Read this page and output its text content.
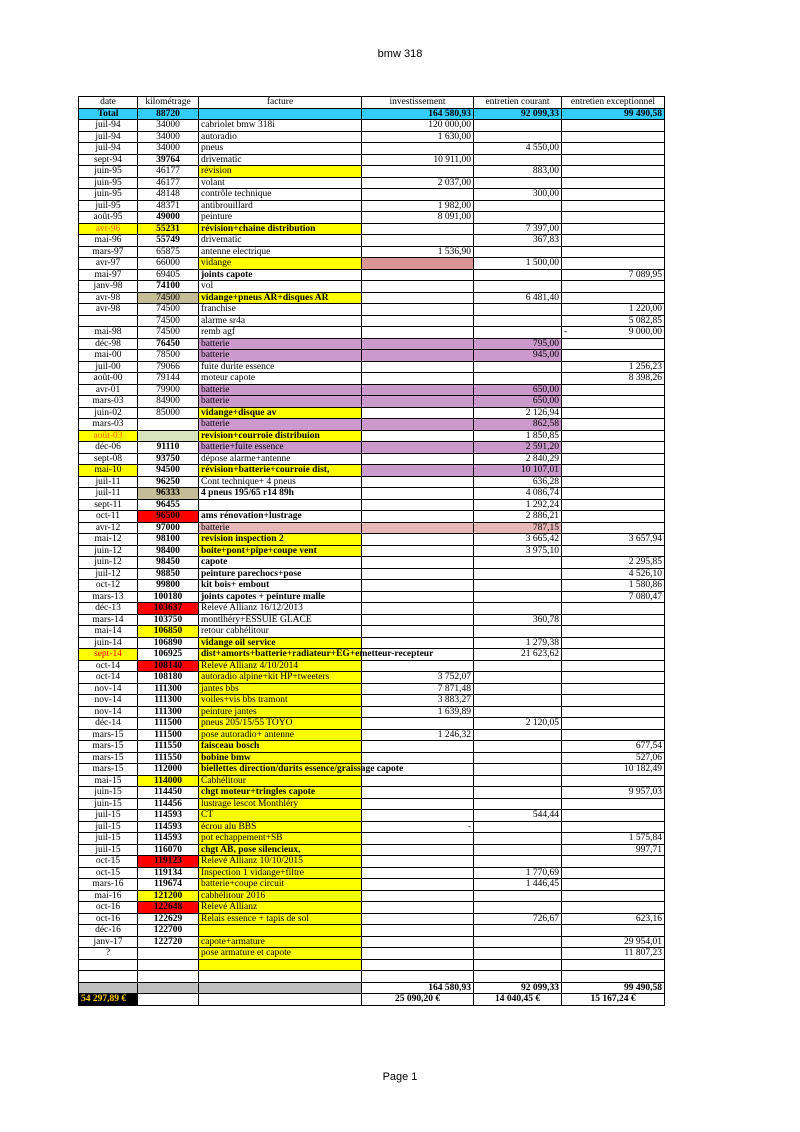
bmw 318
date	kilométrage	facture	investissement	entretien courant	entretien exceptionnel
Total	88720		164 580,93	92 099,33	99 490,58
juil-94	34000	cabriolet bmw 318i	120 000,00		
juil-94	34000	autoradio	1 630,00		
juil-94	34000	pneus		4 550,00	
sept-94	39764	drivematic	10 911,00		
juin-95	46177	révision		883,00	
juin-95	46177	volant	2 037,00		
juin-95	48148	contrôle technique		300,00	
juil-95	48371	antibrouillard	1 982,00		
août-95	49000	peinture	8 091,00		
avr-96	55231	révision+chaine distribution		7 397,00	
mai-96	55749	drivematic		367,83	
mars-97	65875	antenne electrique	1 536,90		
avr-97	66000	vidange		1 500,00	
mai-97	69405	joints capote			7 089,95
janv-98	74100	vol			
avr-98	74500	vidange+pneus AR+disques AR		6 481,40	
avr-98	74500	franchise			1 220,00
	74500	alarme sr4a			5 082,85
mai-98	74500	remb agf			- 9 000,00
déc-98	76450	batterie		795,00	
mai-00	78500	batterie		945,00	
juil-00	79066	fuite durite essence			1 256,23
août-00	79144	moteur capote			8 398,26
avr-01	79900	batterie		650,00	
mars-03	84900	batterie		650,00	
juin-02	85000	vidange+disque av		2 126,94	
mars-03		batterie		862,58	
août-03		revision+courroie distribuion		1 850,85	
déc-06	91110	batterie+fuite essence		2 591,20	
sept-08	93750	dépose alarme+antenne		2 840,29	
mai-10	94500	révision+batterie+courroie dist,		10 107,01	
juil-11	96250	Cont technique+ 4 pneus		636,28	
juil-11	96333	4 pneus 195/65 r14 89h		4 086,74	
sept-11	96455			1 292,24	
oct-11	96500	ams rénovation+lustrage		2 886,21	
avr-12	97000	batterie		787,15	
mai-12	98100	revision inspection 2		3 665,42	3 657,94
juin-12	98400	boite+pont+pipe+coupe vent		3 975,10	
juin-12	98450	capote			2 295,85
juil-12	98850	peinture parechocs+pose			4 526,10
oct-12	99800	kit bois+ embout			1 580,86
mars-13	100180	joints capotes + peinture malle			7 080,47
déc-13	103637	Relevé Allianz 16/12/2013			
mars-14	103750	montlhéry+ESSUIE GLACE		360,78	
mai-14	106850	retour cabhélitour			
juin-14	106890	vidange oil service		1 279,38	
sept-14	106925	dist+amorts+batterie+radiateur+EG+emetteur-recepteur		21 623,62	
oct-14	108140	Relevé Allianz 4/10/2014			
oct-14	108180	autoradio alpine+kit HP+tweeters	3 752,07		
nov-14	111300	jantes bbs	7 871,48		
nov-14	111300	voiles+vis bbs tramont	3 883,27		
nov-14	111300	peinture jantes	1 639,89		
déc-14	111500	pneus 205/15/55 TOYO		2 120,05	
mars-15	111500	pose autoradio+ antenne	1 246,32		
mars-15	111550	faisceau bosch			677,54
mars-15	111550	bobine bmw			527,06
mars-15	112000	biellettes direction/durits essence/graissage capote			10 182,49
mai-15	114000	Cabhélitour			
juin-15	114450	chgt moteur+tringles capote			9 957,03
juin-15	114456	lustrage lescot Monthléry			
juil-15	114593	CT		544,44	
juil-15	114593	écrou alu BBS	-		
juil-15	114593	pot echappement+SB			1 575,84
juil-15	116070	chgt AB, pose silencieux,			997,71
oct-15	119123	Relevé Allianz 10/10/2015			
oct-15	119134	Inspection 1 vidange+filtre		1 770,69	
mars-16	119674	batterie+coupe circuit		1 446,45	
mai-16	121200	cabhélitour 2016			
oct-16	122648	Relevé Allianz			
oct-16	122629	Relais essence + tapis de sol		726,67	623,16
déc-16	122700				
janv-17	122720	capote+armature			29 954,01
?		pose armature et capote			11 807,23

			164 580,93	92 099,33	99 490,58
54 297,89 €			25 090,20 €	14 040,45 €	15 167,24 €
Page 1
